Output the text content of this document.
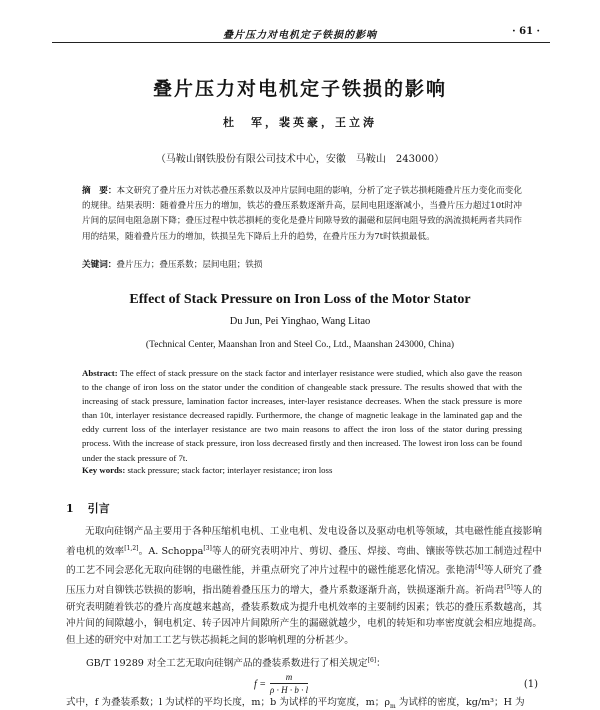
叠片压力对电机定子铁损的影响	· 61 ·
叠片压力对电机定子铁损的影响
杜　军，裴英豪，王立涛
（马鞍山钢铁股份有限公司技术中心，安徽　马鞍山　243000）
摘　要：本文研究了叠片压力对铁芯叠压系数以及冲片层间电阻的影响，分析了定子铁芯損耗随叠片压力变化而变化的规律。结果表明：随着叠片压力的增加，铁芯的叠压系数逐渐升高，层间电阻逐渐减小，当叠片压力超过10t时冲片间的层间电阻急剧下降；叠压过程中铁芯損耗的变化是叠片间隙导致的漏磁和层间电阻导致的涡流损耗两者共同作用的结果，随着叠片压力的增加，铁损呈先下降后上升的趋势，在叠片压力为7t时铁损最低。
关键词：叠片压力；叠压系数；层间电阻；铁损
Effect of Stack Pressure on Iron Loss of the Motor Stator
Du Jun, Pei Yinghao, Wang Litao
(Technical Center, Maanshan Iron and Steel Co., Ltd., Maanshan 243000, China)
Abstract: The effect of stack pressure on the stack factor and interlayer resistance were studied, which also gave the reason to the change of iron loss on the stator under the condition of changeable stack pressure. The results showed that with the increasing of stack pressure, lamination factor increases, inter-layer resistance decreases. When the stack pressure is more than 10t, interlayer resistance decreased rapidly. Furthermore, the change of magnetic leakage in the laminated gap and the eddy current loss of the interlayer resistance are two main reasons to affect the iron loss of the stator during pressing process. With the increase of stack pressure, iron loss decreased firstly and then increased. The lowest iron loss can be found under the stack pressure of 7t.
Key words: stack pressure; stack factor; interlayer resistance; iron loss
1 引言
无取向硅钢产品主要用于各种压缩机电机、工业电机、发电设备以及驱动电机等领域，其电磁性能直接影响着电机的效率[1,2]。A. Schoppa[3]等人的研究表明冲片、剪切、叠压、焊接、弯曲、镶嵌等铁芯加工制造过程中的工艺不同会恶化无取向硅钢的电磁性能，并重点研究了冲片过程中的磁性能恶化情况。张艳清[4]等人研究了叠压压力对自铆铁芯铁损的影响，指出随着叠压压力的增大，叠片系数逐渐升高，铁损逐渐升高。祈尚君[5]等人的研究表明随着铁芯的叠片高度越来越高，叠装系数成为提升电机效率的主要制约因素；铁芯的叠压系数越高，其冲片间的间隙越小，铜电机定、转子因冲片间隙所产生的漏磁就越少，电机的转矩和功率密度就会相应地提高。但上述的研究中对加工工艺与铁芯损耗之间的影响机理的分析甚少。
GB/T 19289 对全工艺无取向硅钢产品的叠装系数进行了相关规定[6]：
$f = \frac{m}{\rho \cdot H \cdot b \cdot l}$	(1)
式中，f 为叠装系数；l 为试样的平均长度，m；b 为试样的平均宽度，m；$\rho_m$ 为试样的密度，kg/m³；H 为
